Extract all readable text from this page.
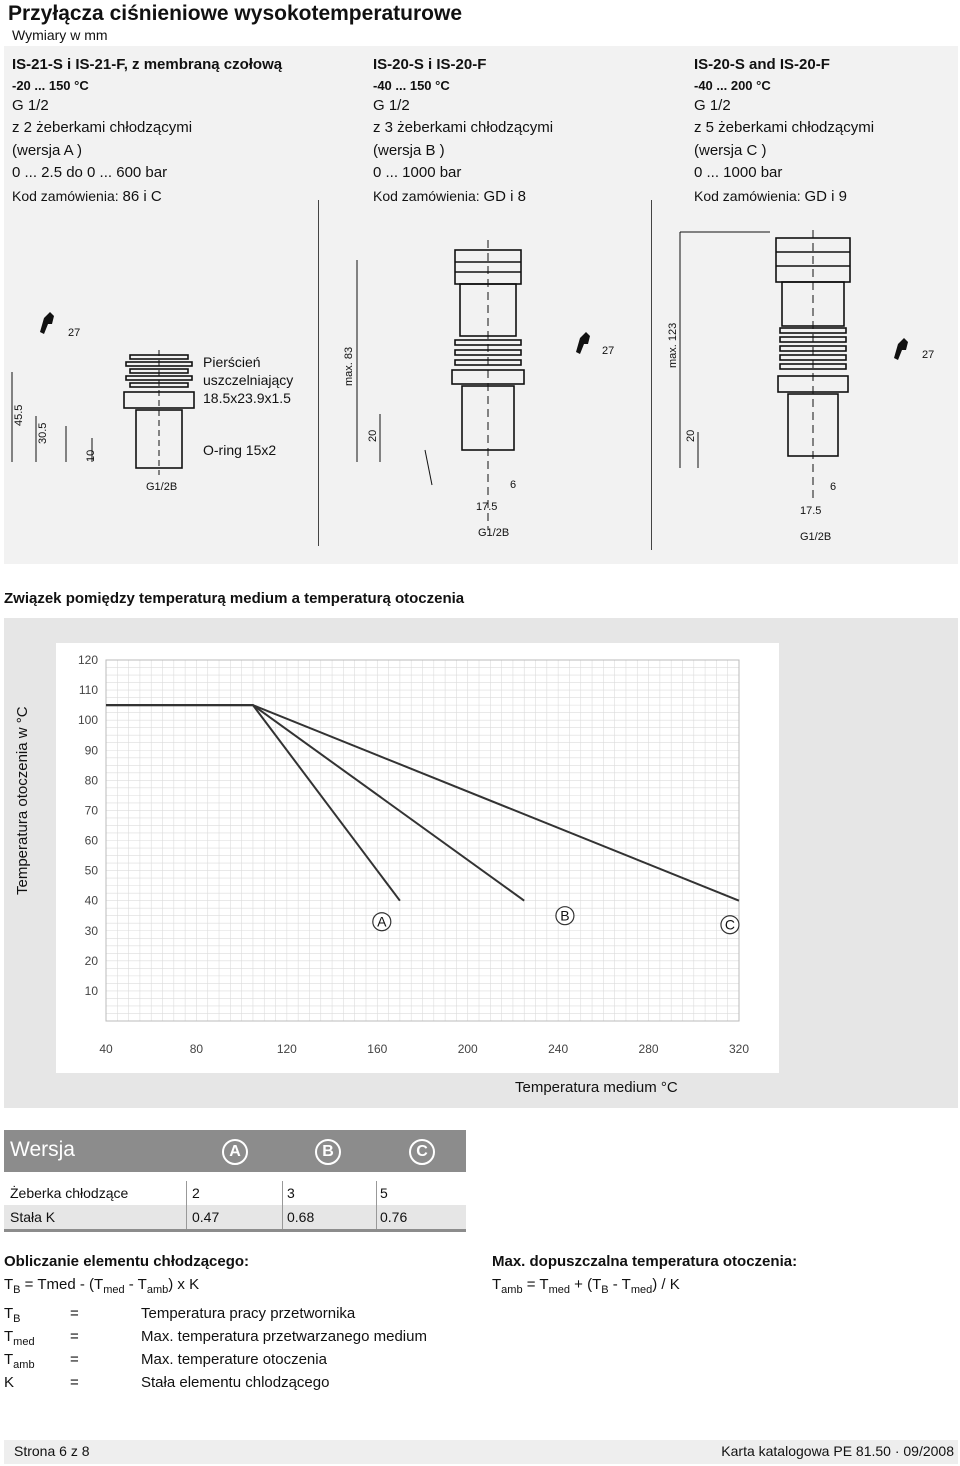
Przyłącza ciśnieniowe wysokotemperaturowe
Wymiary w mm
IS-21-S i IS-21-F, z membraną czołową
-20 ... 150 °C
G 1/2
z 2 żeberkami chłodzącymi
(wersja A )
0 ... 2.5 do 0 ... 600 bar
Kod zamówienia: 86 i C
IS-20-S i IS-20-F
-40 ... 150 °C
G 1/2
z 3 żeberkami chłodzącymi
(wersja B )
0 ... 1000 bar
Kod zamówienia: GD i 8
IS-20-S and IS-20-F
-40 ... 200 °C
G 1/2
z 5 żeberkami chłodzącymi
(wersja C )
0 ... 1000 bar
Kod zamówienia: GD i 9
27
27	27
G1/2B
G1/2B	G1/2B
6
17.5
6
17.5
45.5
30.5
10
max. 83	max. 123
20	20
Pierścień
uszczelniający
18.5x23.9x1.5
O-ring 15x2
Związek pomiędzy temperaturą medium a temperaturą otoczenia
Temperatura otoczenia w °C
Temperatura medium °C
40	80	120	160	200	240	280	320
10
20
30
40
50
60
70
80
90
100
110
120
A	B
C
Wersja	A	B	C
Żeberka chłodzące	2	3	5
Stała K	0.47	0.68	0.76
Obliczanie elementu chłodzącego:
$T_B$ = Tmed - $(T_{med} - T_{amb})$ x K
$T_B$	=	Temperatura pracy przetwornika
$T_{med}$ =	Max. temperatura przetwarzanego medium
$T_{amb}$ =	Max. temperature otoczenia
K	=	Stała elementu chlodzącego
Max. dopuszczalna temperatura otoczenia:
$T_{amb} = T_{med} + (T_B - T_{med}) / K$
Strona 6 z 8	Karta katalogowa PE 81.50 · 09/2008
